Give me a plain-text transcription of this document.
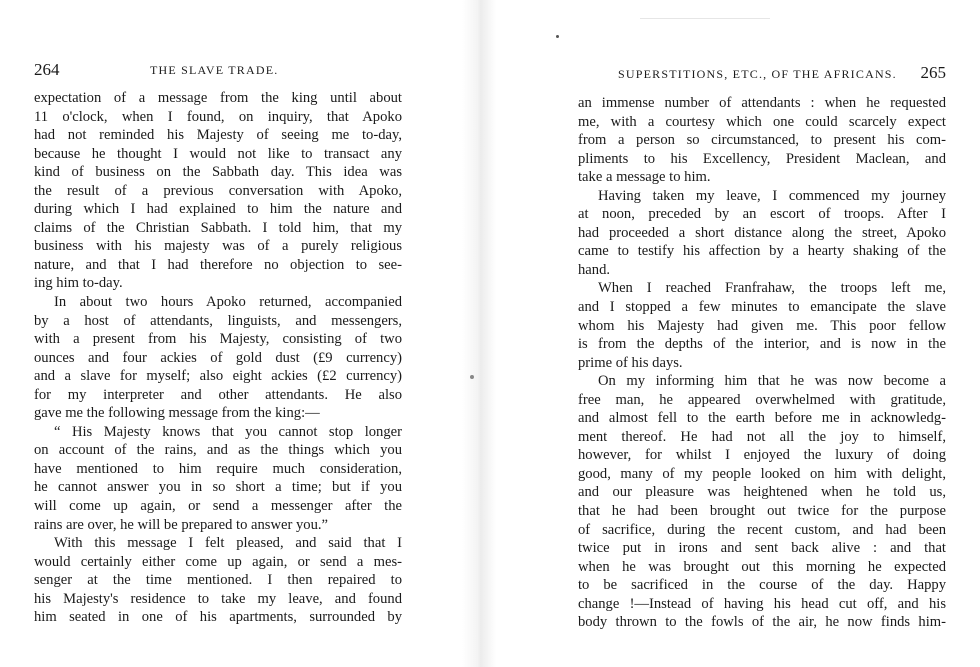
264	THE SLAVE TRADE.
expectation of a message from the king until about
11 o'clock, when I found, on inquiry, that Apoko
had not reminded his Majesty of seeing me to-day,
because he thought I would not like to transact any
kind of business on the Sabbath day. This idea was
the result of a previous conversation with Apoko,
during which I had explained to him the nature and
claims of the Christian Sabbath. I told him, that my
business with his majesty was of a purely religious
nature, and that I had therefore no objection to see-
ing him to-day.
In about two hours Apoko returned, accompanied
by a host of attendants, linguists, and messengers,
with a present from his Majesty, consisting of two
ounces and four ackies of gold dust (£9 currency)
and a slave for myself; also eight ackies (£2 currency)
for my interpreter and other attendants. He also
gave me the following message from the king:—
“ His Majesty knows that you cannot stop longer
on account of the rains, and as the things which you
have mentioned to him require much consideration,
he cannot answer you in so short a time; but if you
will come up again, or send a messenger after the
rains are over, he will be prepared to answer you.”
With this message I felt pleased, and said that I
would certainly either come up again, or send a mes-
senger at the time mentioned. I then repaired to
his Majesty's residence to take my leave, and found
him seated in one of his apartments, surrounded by
SUPERSTITIONS, ETC., OF THE AFRICANS. 265
an immense number of attendants : when he requested
me, with a courtesy which one could scarcely expect
from a person so circumstanced, to present his com-
pliments to his Excellency, President Maclean, and
take a message to him.
Having taken my leave, I commenced my journey
at noon, preceded by an escort of troops. After I
had proceeded a short distance along the street, Apoko
came to testify his affection by a hearty shaking of the
hand.
When I reached Franfrahaw, the troops left me,
and I stopped a few minutes to emancipate the slave
whom his Majesty had given me. This poor fellow
is from the depths of the interior, and is now in the
prime of his days.
On my informing him that he was now become a
free man, he appeared overwhelmed with gratitude,
and almost fell to the earth before me in acknowledg-
ment thereof. He had not all the joy to himself,
however, for whilst I enjoyed the luxury of doing
good, many of my people looked on him with delight,
and our pleasure was heightened when he told us,
that he had been brought out twice for the purpose
of sacrifice, during the recent custom, and had been
twice put in irons and sent back alive : and that
when he was brought out this morning he expected
to be sacrificed in the course of the day. Happy
change !—Instead of having his head cut off, and his
body thrown to the fowls of the air, he now finds him-
